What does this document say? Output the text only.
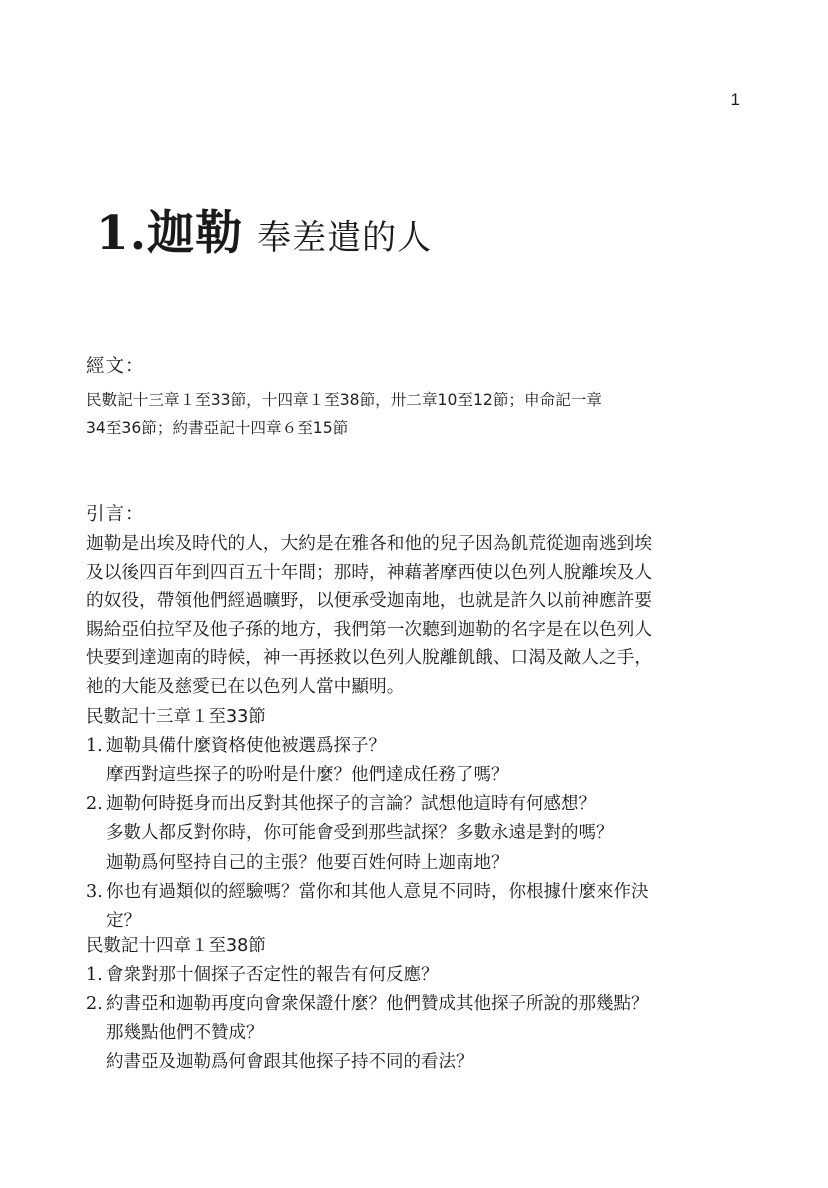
1
1.迦勒 奉差遣的人
經文：
民數記十三章１至33節，十四章１至38節，卅二章10至12節；申命記一章
34至36節；約書亞記十四章６至15節
引言：
迦勒是出埃及時代的人，大約是在雅各和他的兒子因為飢荒從迦南逃到埃
及以後四百年到四百五十年間；那時，神藉著摩西使以色列人脫離埃及人
的奴役，帶領他們經過曠野，以便承受迦南地，也就是許久以前神應許要
賜給亞伯拉罕及他子孫的地方，我們第一次聽到迦勒的名字是在以色列人
快要到達迦南的時候，神一再拯救以色列人脫離飢餓、口渴及敵人之手，
祂的大能及慈愛已在以色列人當中顯明。
民數記十三章１至33節
1. 迦勒具備什麼資格使他被選爲探子？
摩西對這些探子的吩咐是什麼？他們達成任務了嗎？
2. 迦勒何時挺身而出反對其他探子的言論？試想他這時有何感想？
多數人都反對你時，你可能會受到那些試探？多數永遠是對的嗎？
迦勒爲何堅持自己的主張？他要百姓何時上迦南地？
3. 你也有過類似的經驗嗎？當你和其他人意見不同時，你根據什麼來作決
定？
民數記十四章１至38節
1. 會衆對那十個探子否定性的報告有何反應？
2. 約書亞和迦勒再度向會衆保證什麼？他們贊成其他探子所說的那幾點？
那幾點他們不贊成？
約書亞及迦勒爲何會跟其他探子持不同的看法？
